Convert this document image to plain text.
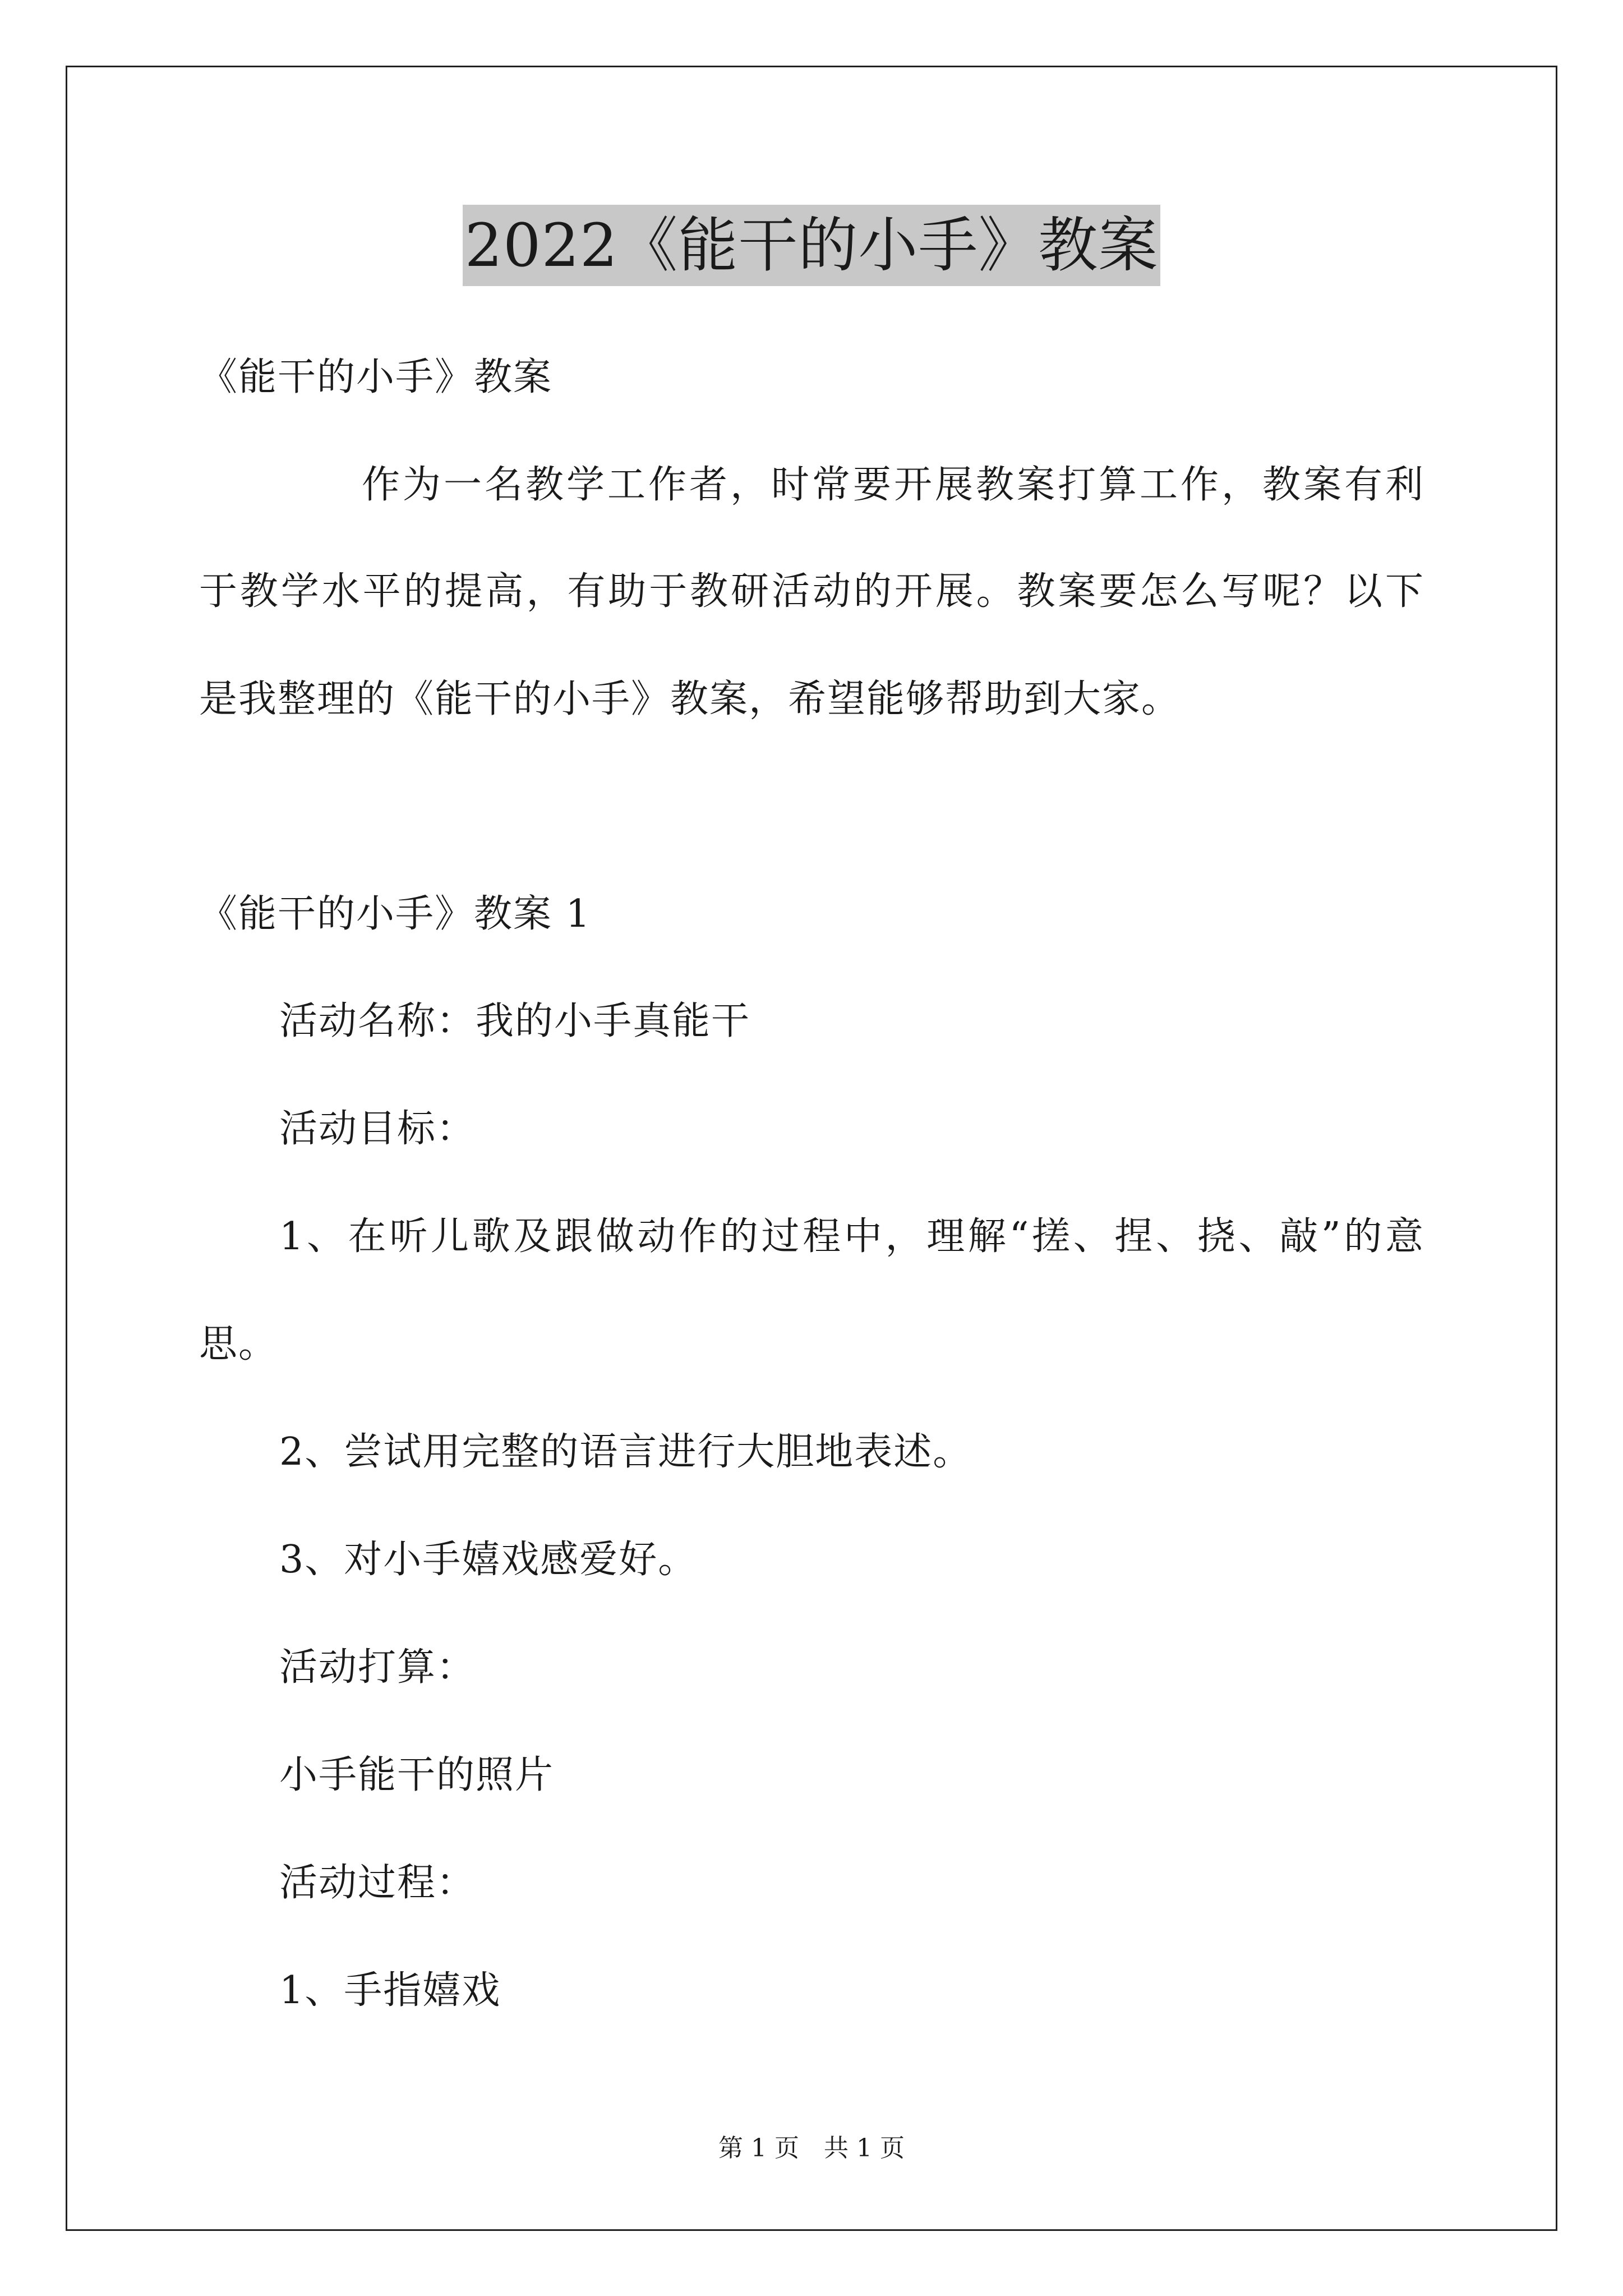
2022《能干的小手》教案
《能干的小手》教案
作为一名教学工作者，时常要开展教案打算工作，教案有利
于教学水平的提高，有助于教研活动的开展。教案要怎么写呢？以下
是我整理的《能干的小手》教案，希望能够帮助到大家。
《能干的小手》教案 1
活动名称：我的小手真能干
活动目标：
1、在听儿歌及跟做动作的过程中，理解“搓、捏、挠、敲”的意
思。
2、尝试用完整的语言进行大胆地表述。
3、对小手嬉戏感爱好。
活动打算：
小手能干的照片
活动过程：
1、手指嬉戏
第 1 页　共 1 页
